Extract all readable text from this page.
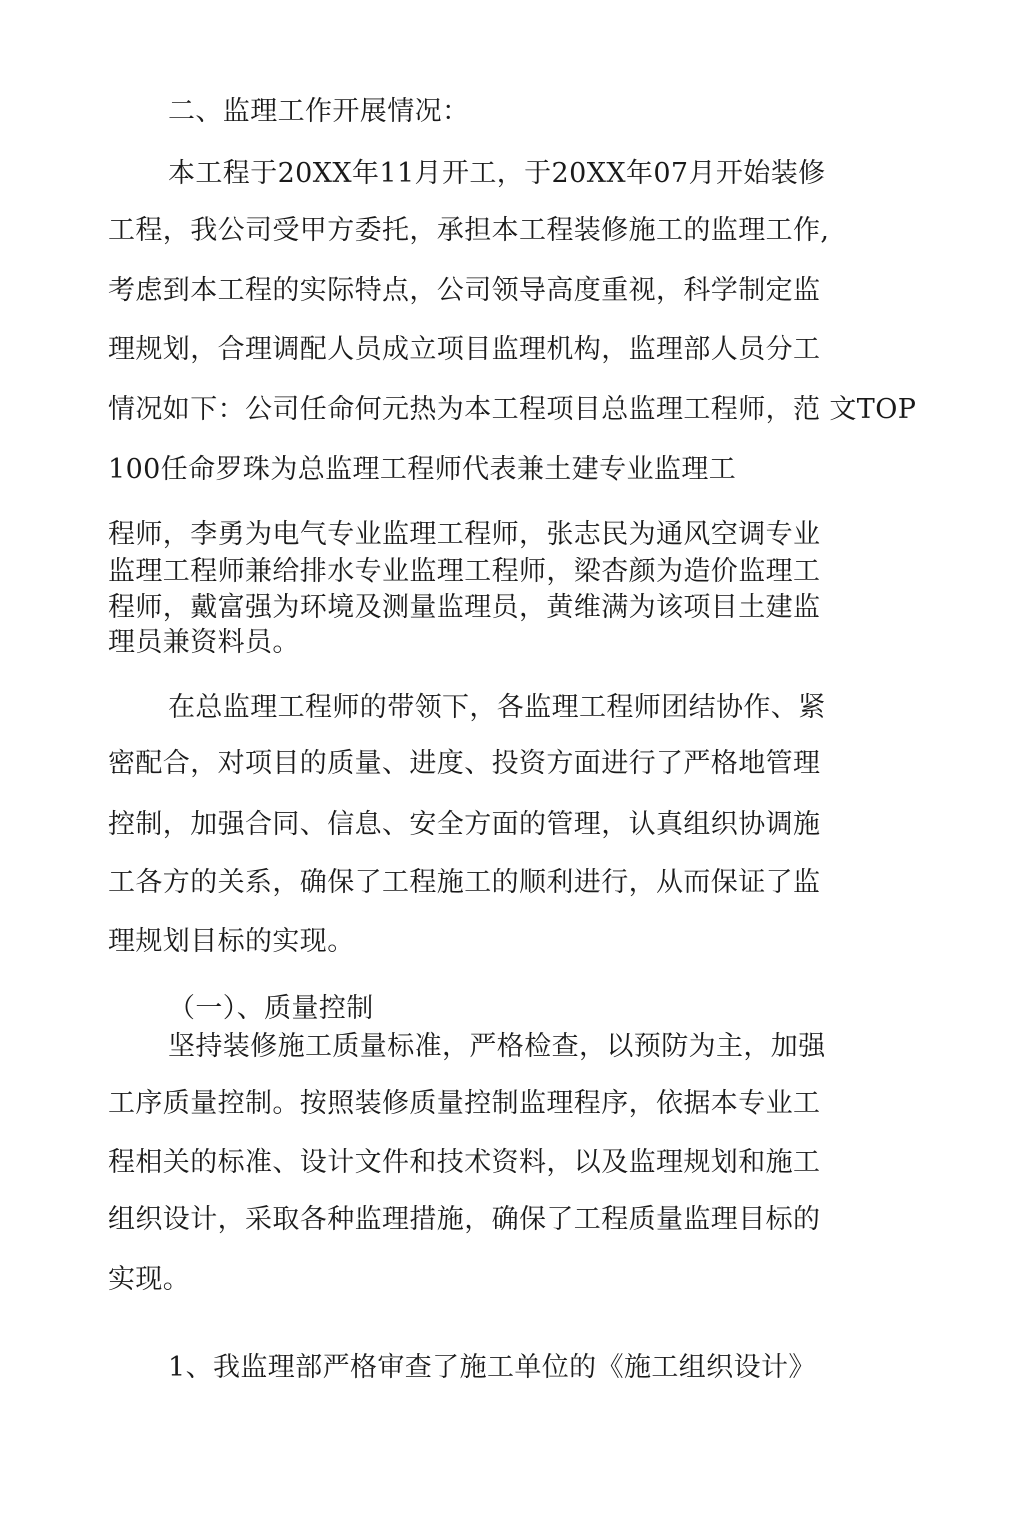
二、监理工作开展情况：

本工程于20XX年11月开工，于20XX年07月开始装修

工程，我公司受甲方委托，承担本工程装修施工的监理工作,

考虑到本工程的实际特点，公司领导高度重视，科学制定监

理规划，合理调配人员成立项目监理机构，监理部人员分工

情况如下：公司任命何元热为本工程项目总监理工程师，范 文TOP

100任命罗珠为总监理工程师代表兼土建专业监理工

程师，李勇为电气专业监理工程师，张志民为通风空调专业

监理工程师兼给排水专业监理工程师，梁杏颜为造价监理工

程师，戴富强为环境及测量监理员，黄维满为该项目土建监

理员兼资料员。

在总监理工程师的带领下，各监理工程师团结协作、紧

密配合，对项目的质量、进度、投资方面进行了严格地管理

控制，加强合同、信息、安全方面的管理，认真组织协调施

工各方的关系，确保了工程施工的顺利进行，从而保证了监

理规划目标的实现。

（一）、质量控制

坚持装修施工质量标准，严格检查，以预防为主，加强

工序质量控制。按照装修质量控制监理程序，依据本专业工

程相关的标准、设计文件和技术资料，以及监理规划和施工

组织设计，采取各种监理措施，确保了工程质量监理目标的

实现。

1、我监理部严格审查了施工单位的《施工组织设计》
